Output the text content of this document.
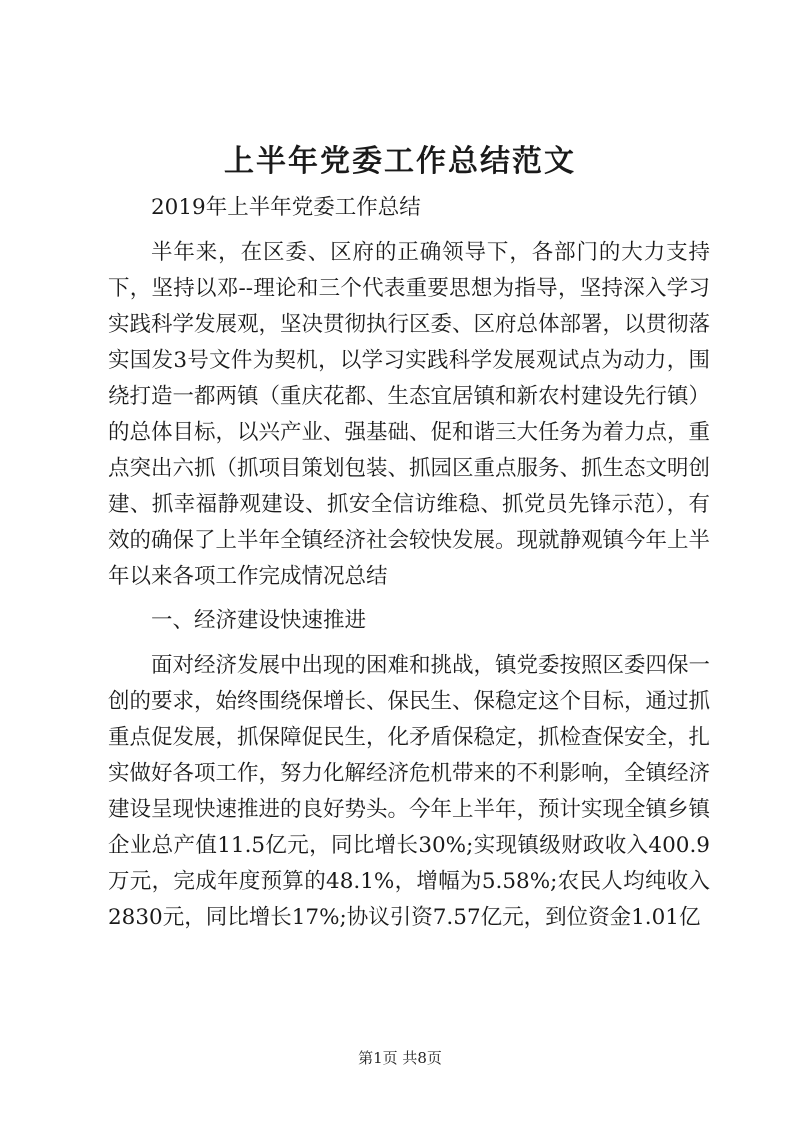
上半年党委工作总结范文

2019年上半年党委工作总结

半年来，在区委、区府的正确领导下，各部门的大力支持下，坚持以邓--理论和三个代表重要思想为指导，坚持深入学习实践科学发展观，坚决贯彻执行区委、区府总体部署，以贯彻落实国发3号文件为契机，以学习实践科学发展观试点为动力，围绕打造一都两镇（重庆花都、生态宜居镇和新农村建设先行镇）的总体目标，以兴产业、强基础、促和谐三大任务为着力点，重点突出六抓（抓项目策划包装、抓园区重点服务、抓生态文明创建、抓幸福静观建设、抓安全信访维稳、抓党员先锋示范），有效的确保了上半年全镇经济社会较快发展。现就静观镇今年上半年以来各项工作完成情况总结

一、经济建设快速推进

面对经济发展中出现的困难和挑战，镇党委按照区委四保一创的要求，始终围绕保增长、保民生、保稳定这个目标，通过抓重点促发展，抓保障促民生，化矛盾保稳定，抓检查保安全，扎实做好各项工作，努力化解经济危机带来的不利影响，全镇经济建设呈现快速推进的良好势头。今年上半年，预计实现全镇乡镇企业总产值11.5亿元，同比增长30%;实现镇级财政收入400.9万元，完成年度预算的48.1%，增幅为5.58%;农民人均纯收入2830元，同比增长17%;协议引资7.57亿元，到位资金1.01亿

第1页 共8页
